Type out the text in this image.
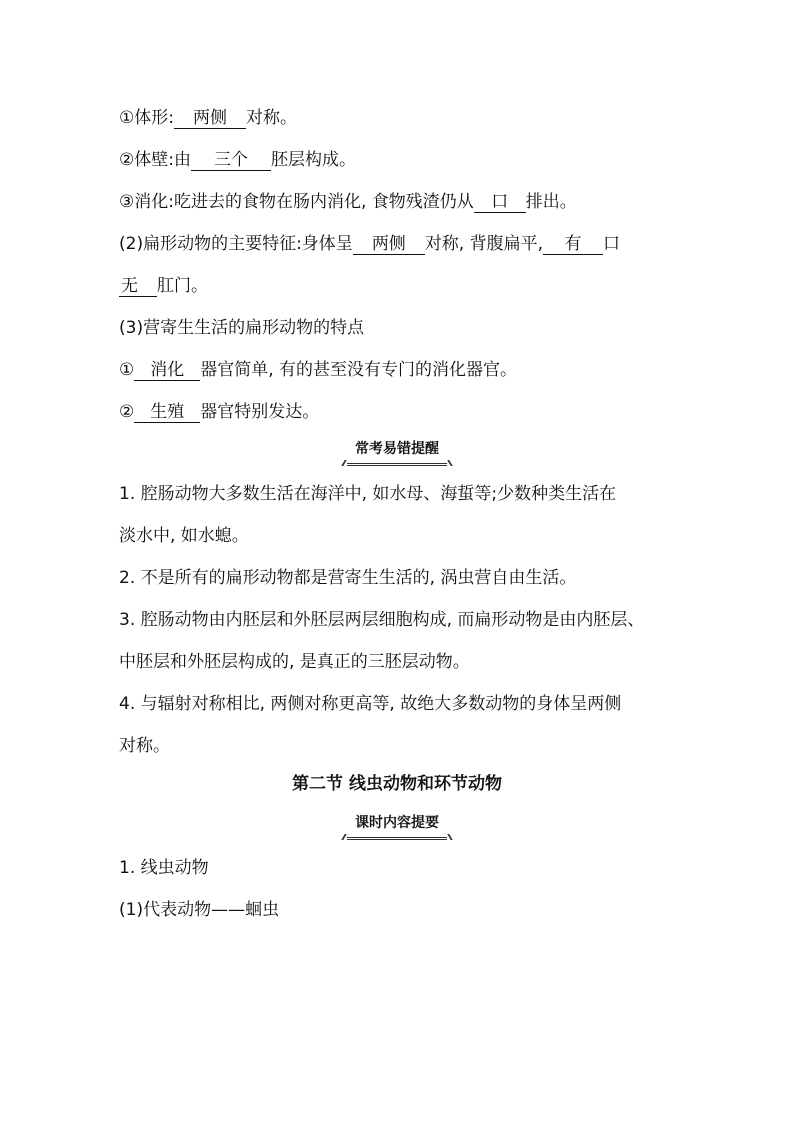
①体形: 两侧 对称。
②体壁:由 三个 胚层构成。
③消化:吃进去的食物在肠内消化, 食物残渣仍从 口 排出。
(2)扁形动物的主要特征:身体呈 两侧 对称, 背腹扁平, 有 口
无 肛门。
(3)营寄生生活的扁形动物的特点
① 消化 器官简单, 有的甚至没有专门的消化器官。
② 生殖 器官特别发达。
常考易错提醒
1. 腔肠动物大多数生活在海洋中, 如水母、海蜇等;少数种类生活在
淡水中, 如水螅。
2. 不是所有的扁形动物都是营寄生生活的, 涡虫营自由生活。
3. 腔肠动物由内胚层和外胚层两层细胞构成, 而扁形动物是由内胚层、
中胚层和外胚层构成的, 是真正的三胚层动物。
4. 与辐射对称相比, 两侧对称更高等, 故绝大多数动物的身体呈两侧
对称。
第二节 线虫动物和环节动物
课时内容提要
1. 线虫动物
(1)代表动物——蛔虫
